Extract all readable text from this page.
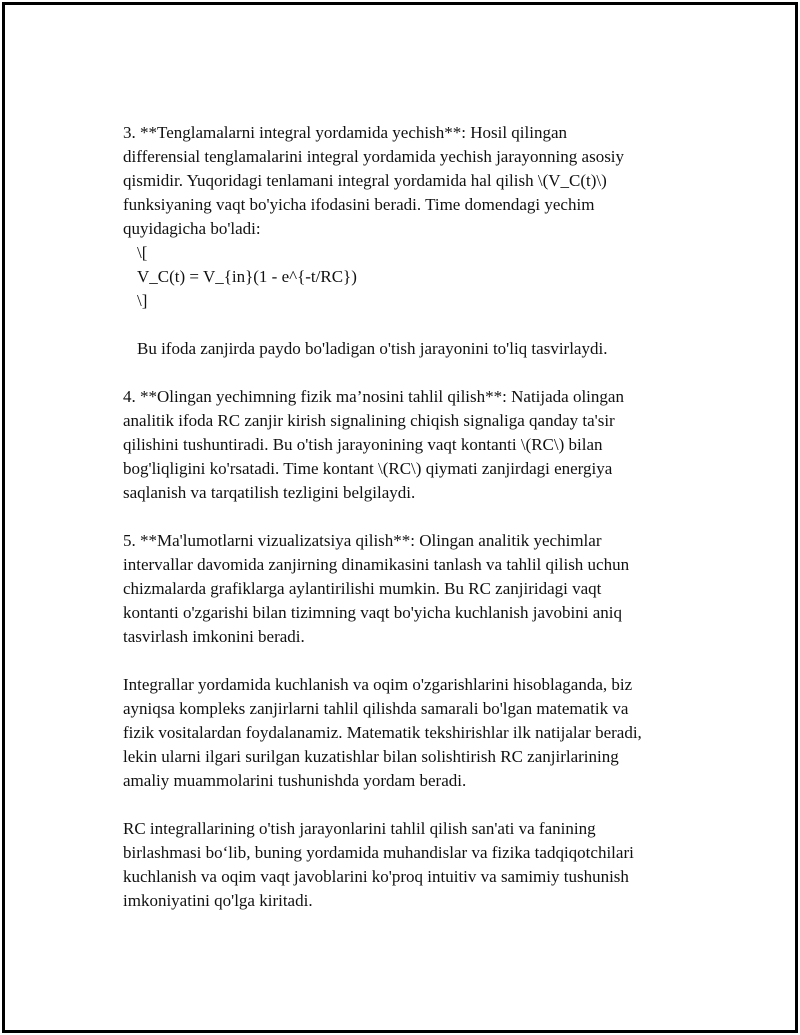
3. **Tenglamalarni integral yordamida yechish**: Hosil qilingan
differensial tenglamalarini integral yordamida yechish jarayonning asosiy
qismidir. Yuqoridagi tenlamani integral yordamida hal qilish \(V_C(t)\)
funksiyaning vaqt bo'yicha ifodasini beradi. Time domendagi yechim
quyidagicha bo'ladi:

\[
V_C(t) = V_{in}(1 - e^{-t/RC})
\]

Bu ifoda zanjirda paydo bo'ladigan o'tish jarayonini to'liq tasvirlaydi.

4. **Olingan yechimning fizik ma’nosini tahlil qilish**: Natijada olingan
analitik ifoda RC zanjir kirish signalining chiqish signaliga qanday ta'sir
qilishini tushuntiradi. Bu o'tish jarayonining vaqt kontanti \(RC\) bilan
bog'liqligini ko'rsatadi. Time kontant \(RC\) qiymati zanjirdagi energiya
saqlanish va tarqatilish tezligini belgilaydi.

5. **Ma'lumotlarni vizualizatsiya qilish**: Olingan analitik yechimlar
intervallar davomida zanjirning dinamikasini tanlash va tahlil qilish uchun
chizmalarda grafiklarga aylantirilishi mumkin. Bu RC zanjiridagi vaqt
kontanti o'zgarishi bilan tizimning vaqt bo'yicha kuchlanish javobini aniq
tasvirlash imkonini beradi.

Integrallar yordamida kuchlanish va oqim o'zgarishlarini hisoblaganda, biz
ayniqsa kompleks zanjirlarni tahlil qilishda samarali bo'lgan matematik va
fizik vositalardan foydalanamiz. Matematik tekshirishlar ilk natijalar beradi,
lekin ularni ilgari surilgan kuzatishlar bilan solishtirish RC zanjirlarining
amaliy muammolarini tushunishda yordam beradi.

RC integrallarining o'tish jarayonlarini tahlil qilish san'ati va fanining
birlashmasi bo‘lib, buning yordamida muhandislar va fizika tadqiqotchilari
kuchlanish va oqim vaqt javoblarini ko'proq intuitiv va samimiy tushunish
imkoniyatini qo'lga kiritadi.
